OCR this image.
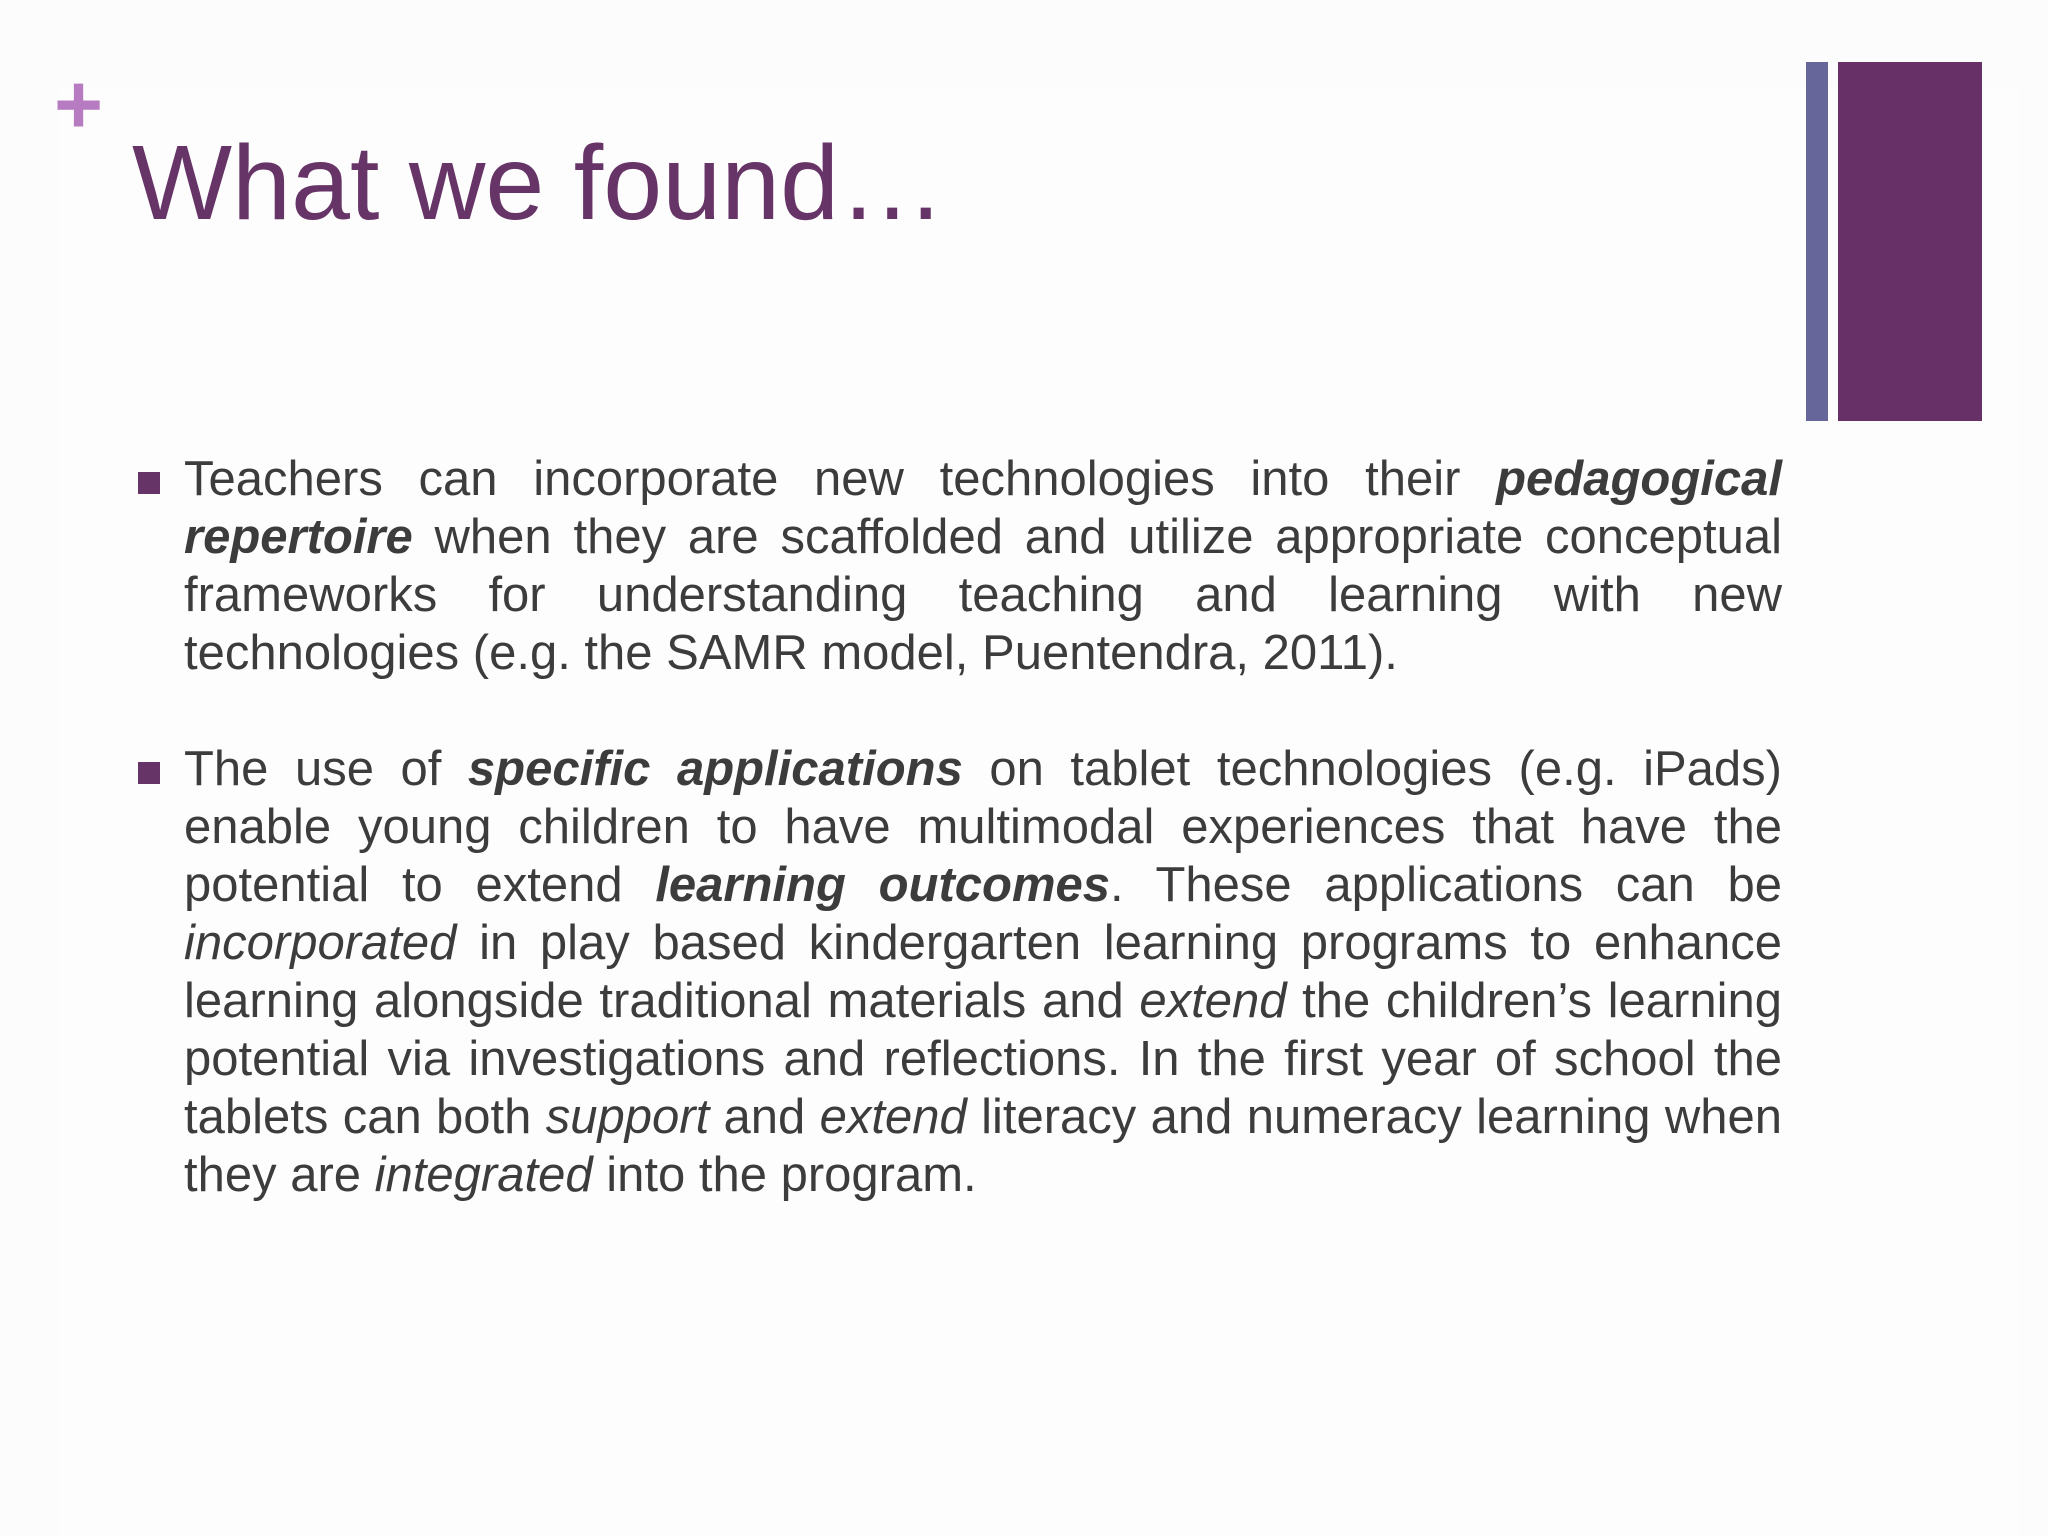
+
What we found…
Teachers can incorporate new technologies into their pedagogical repertoire when they are scaffolded and utilize appropriate conceptual frameworks for understanding teaching and learning with new technologies (e.g. the SAMR model, Puentendra, 2011).
The use of specific applications on tablet technologies (e.g. iPads) enable young children to have multimodal experiences that have the potential to extend learning outcomes. These applications can be incorporated in play based kindergarten learning programs to enhance learning alongside traditional materials and extend the children’s learning potential via investigations and reflections. In the first year of school the tablets can both support and extend literacy and numeracy learning when they are integrated into the program.
